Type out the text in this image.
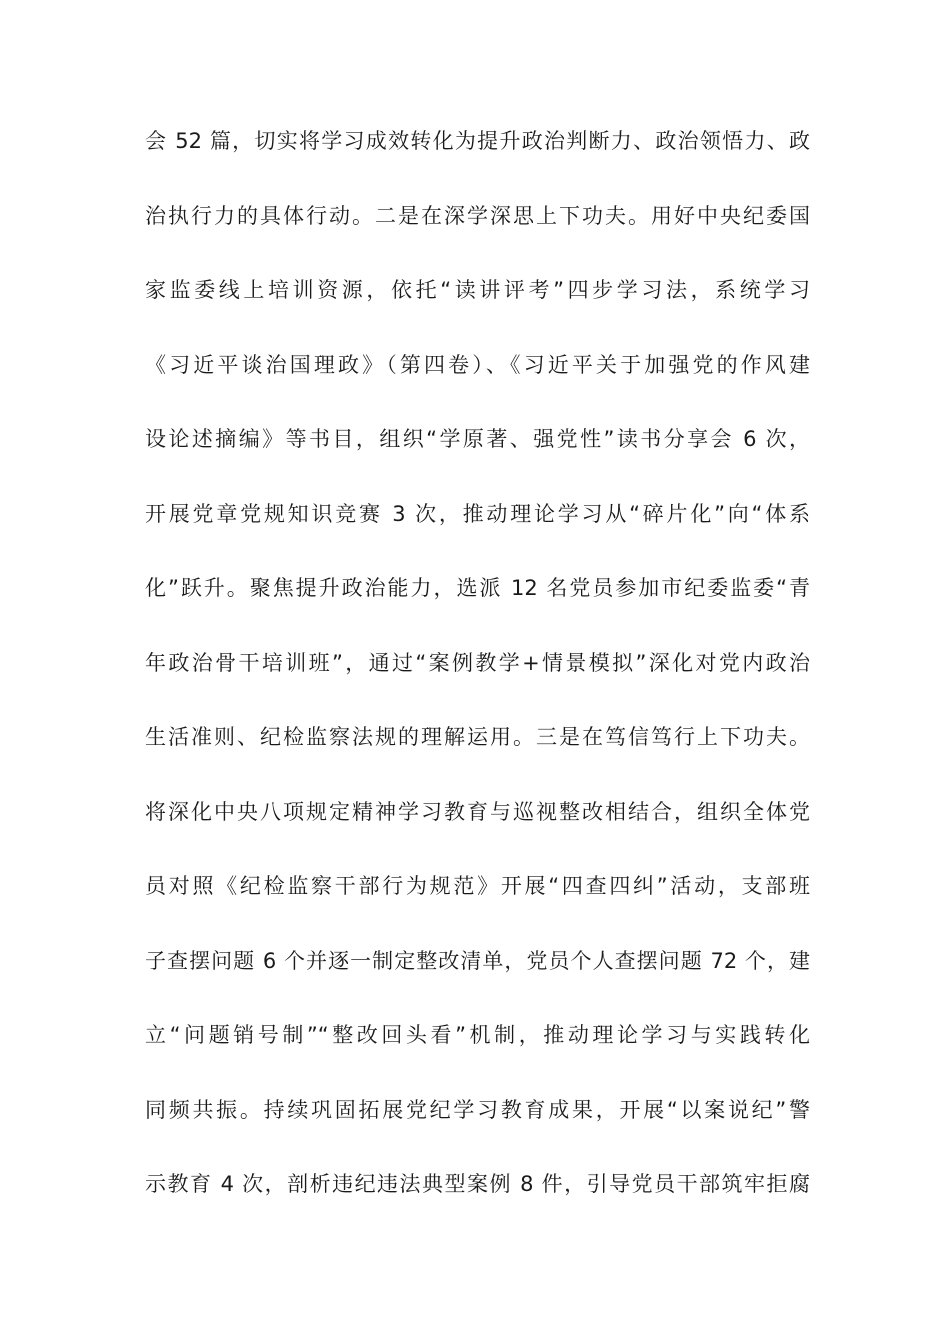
会 52 篇，切实将学习成效转化为提升政治判断力、政治领悟力、政
治执行力的具体行动。二是在深学深思上下功夫。用好中央纪委国
家监委线上培训资源，依托“读讲评考”四步学习法，系统学习
《习近平谈治国理政》（第四卷）、《习近平关于加强党的作风建
设论述摘编》等书目，组织“学原著、强党性”读书分享会 6 次，
开展党章党规知识竞赛 3 次，推动理论学习从“碎片化”向“体系
化”跃升。聚焦提升政治能力，选派 12 名党员参加市纪委监委“青
年政治骨干培训班”，通过“案例教学+情景模拟”深化对党内政治
生活准则、纪检监察法规的理解运用。三是在笃信笃行上下功夫。
将深化中央八项规定精神学习教育与巡视整改相结合，组织全体党
员对照《纪检监察干部行为规范》开展“四查四纠”活动，支部班
子查摆问题 6 个并逐一制定整改清单，党员个人查摆问题 72 个，建
立“问题销号制”“整改回头看”机制，推动理论学习与实践转化
同频共振。持续巩固拓展党纪学习教育成果，开展“以案说纪”警
示教育 4 次，剖析违纪违法典型案例 8 件，引导党员干部筑牢拒腐
